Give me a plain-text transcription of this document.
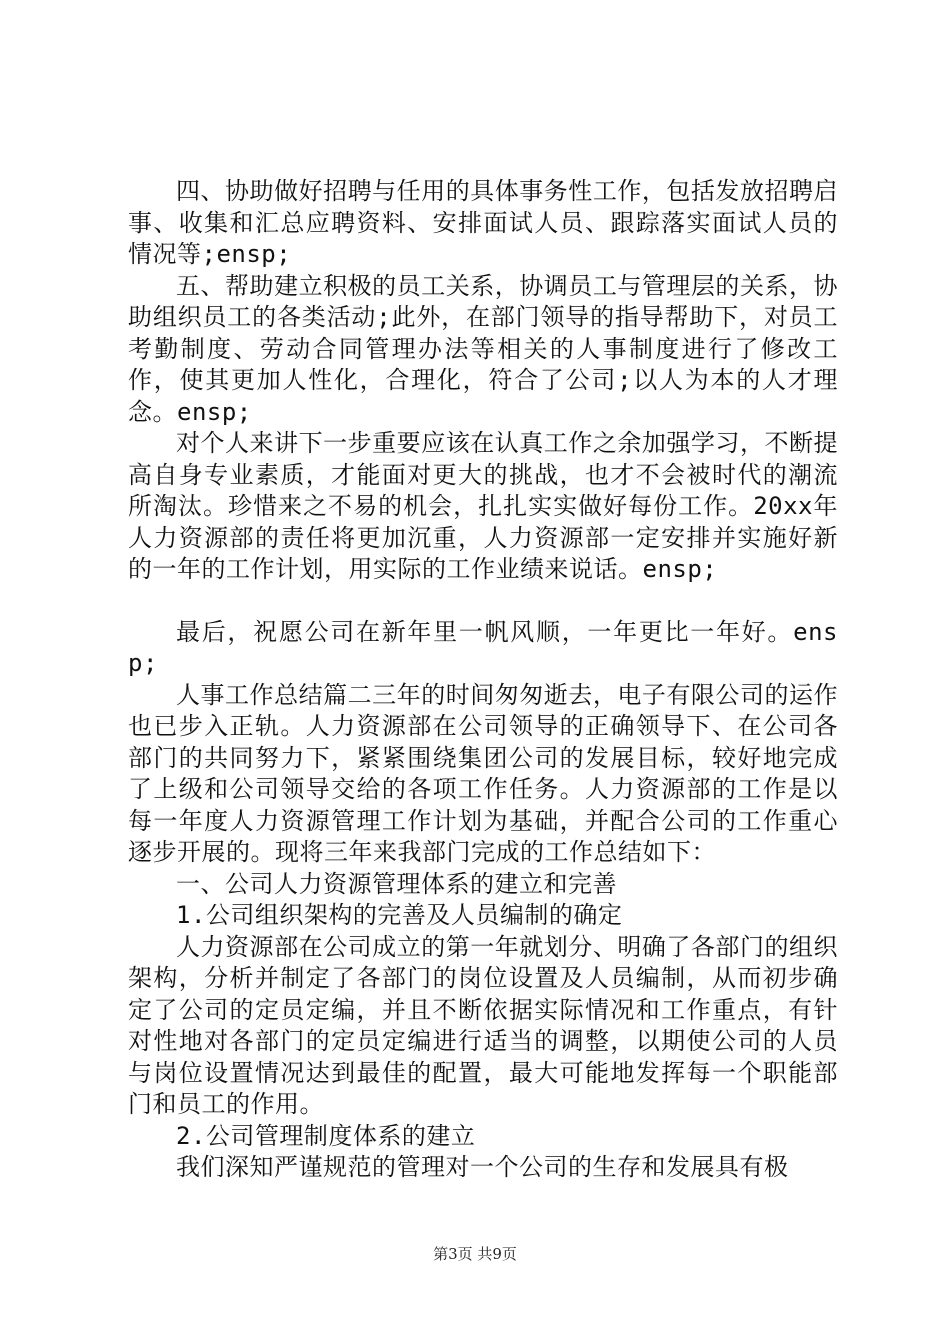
四、协助做好招聘与任用的具体事务性工作，包括发放招聘启事、收集和汇总应聘资料、安排面试人员、跟踪落实面试人员的情况等;ensp;

五、帮助建立积极的员工关系，协调员工与管理层的关系，协助组织员工的各类活动;此外，在部门领导的指导帮助下，对员工考勤制度、劳动合同管理办法等相关的人事制度进行了修改工作，使其更加人性化，合理化，符合了公司;以人为本的人才理念。ensp;

对个人来讲下一步重要应该在认真工作之余加强学习，不断提高自身专业素质，才能面对更大的挑战，也才不会被时代的潮流所淘汰。珍惜来之不易的机会，扎扎实实做好每份工作。20xx年人力资源部的责任将更加沉重，人力资源部一定安排并实施好新的一年的工作计划，用实际的工作业绩来说话。ensp;

最后，祝愿公司在新年里一帆风顺，一年更比一年好。ensp;

人事工作总结篇二三年的时间匆匆逝去，电子有限公司的运作也已步入正轨。人力资源部在公司领导的正确领导下、在公司各部门的共同努力下，紧紧围绕集团公司的发展目标，较好地完成了上级和公司领导交给的各项工作任务。人力资源部的工作是以每一年度人力资源管理工作计划为基础，并配合公司的工作重心逐步开展的。现将三年来我部门完成的工作总结如下：

一、公司人力资源管理体系的建立和完善

1.公司组织架构的完善及人员编制的确定

人力资源部在公司成立的第一年就划分、明确了各部门的组织架构，分析并制定了各部门的岗位设置及人员编制，从而初步确定了公司的定员定编，并且不断依据实际情况和工作重点，有针对性地对各部门的定员定编进行适当的调整，以期使公司的人员与岗位设置情况达到最佳的配置，最大可能地发挥每一个职能部门和员工的作用。

2.公司管理制度体系的建立

我们深知严谨规范的管理对一个公司的生存和发展具有极

第3页 共9页
